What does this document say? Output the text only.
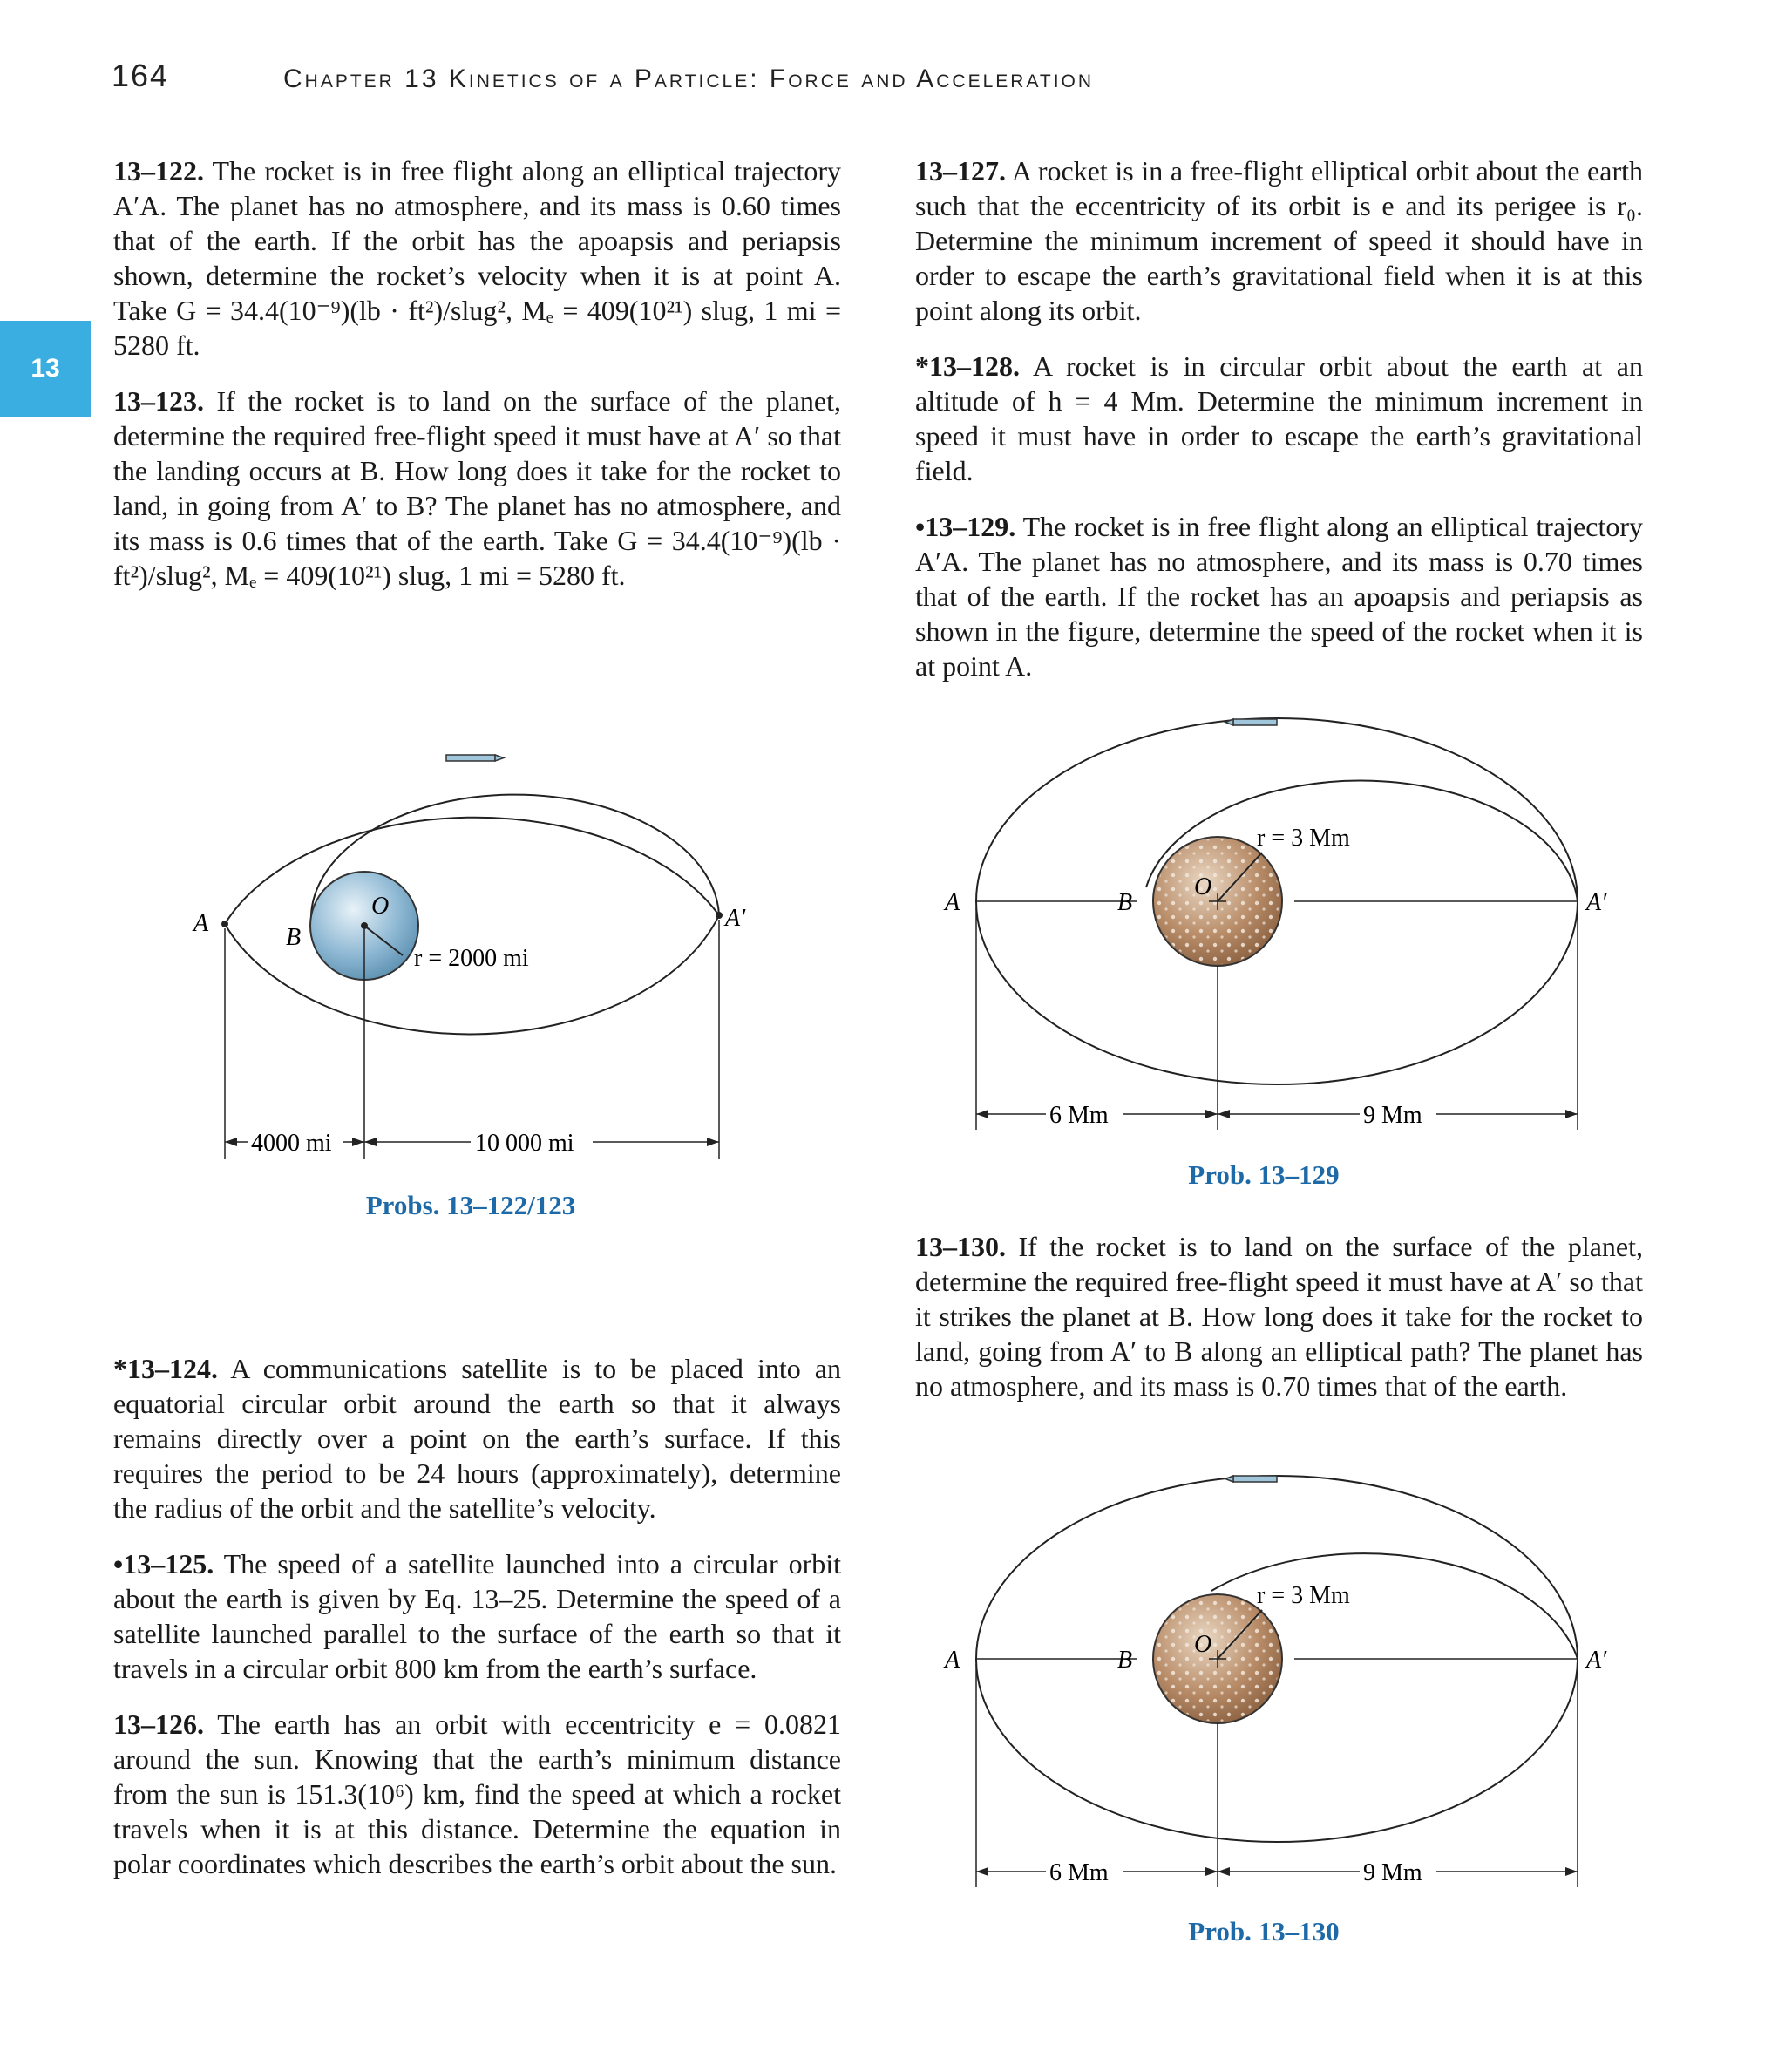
164	Chapter 13 Kinetics of a Particle: Force and Acceleration
13

13–122. The rocket is in free flight along an elliptical trajectory A′A. The planet has no atmosphere, and its mass is 0.60 times that of the earth. If the orbit has the apoapsis and periapsis shown, determine the rocket’s velocity when it is at point A. Take G = 34.4(10⁻⁹)(lb · ft²)/slug², Mₑ = 409(10²¹) slug, 1 mi = 5280 ft.

13–123. If the rocket is to land on the surface of the planet, determine the required free-flight speed it must have at A′ so that the landing occurs at B. How long does it take for the rocket to land, in going from A′ to B? The planet has no atmosphere, and its mass is 0.6 times that of the earth. Take G = 34.4(10⁻⁹)(lb · ft²)/slug², Mₑ = 409(10²¹) slug, 1 mi = 5280 ft.

A
B
O	A′
r = 2000 mi
4000 mi	10 000 mi
Probs. 13–122/123

*13–124. A communications satellite is to be placed into an equatorial circular orbit around the earth so that it always remains directly over a point on the earth’s surface. If this requires the period to be 24 hours (approximately), determine the radius of the orbit and the satellite’s velocity.

•13–125. The speed of a satellite launched into a circular orbit about the earth is given by Eq. 13–25. Determine the speed of a satellite launched parallel to the surface of the earth so that it travels in a circular orbit 800 km from the earth’s surface.

13–126. The earth has an orbit with eccentricity e = 0.0821 around the sun. Knowing that the earth’s minimum distance from the sun is 151.3(10⁶) km, find the speed at which a rocket travels when it is at this distance. Determine the equation in polar coordinates which describes the earth’s orbit about the sun.

13–127. A rocket is in a free-flight elliptical orbit about the earth such that the eccentricity of its orbit is e and its perigee is r₀. Determine the minimum increment of speed it should have in order to escape the earth’s gravitational field when it is at this point along its orbit.

*13–128. A rocket is in circular orbit about the earth at an altitude of h = 4 Mm. Determine the minimum increment in speed it must have in order to escape the earth’s gravitational field.

•13–129. The rocket is in free flight along an elliptical trajectory A′A. The planet has no atmosphere, and its mass is 0.70 times that of the earth. If the rocket has an apoapsis and periapsis as shown in the figure, determine the speed of the rocket when it is at point A.

A	B
O
A′
r = 3 Mm
6 Mm	9 Mm
Prob. 13–129

13–130. If the rocket is to land on the surface of the planet, determine the required free-flight speed it must have at A′ so that it strikes the planet at B. How long does it take for the rocket to land, going from A′ to B along an elliptical path? The planet has no atmosphere, and its mass is 0.70 times that of the earth.

A	B
O
A′
r = 3 Mm
6 Mm	9 Mm
Prob. 13–130
